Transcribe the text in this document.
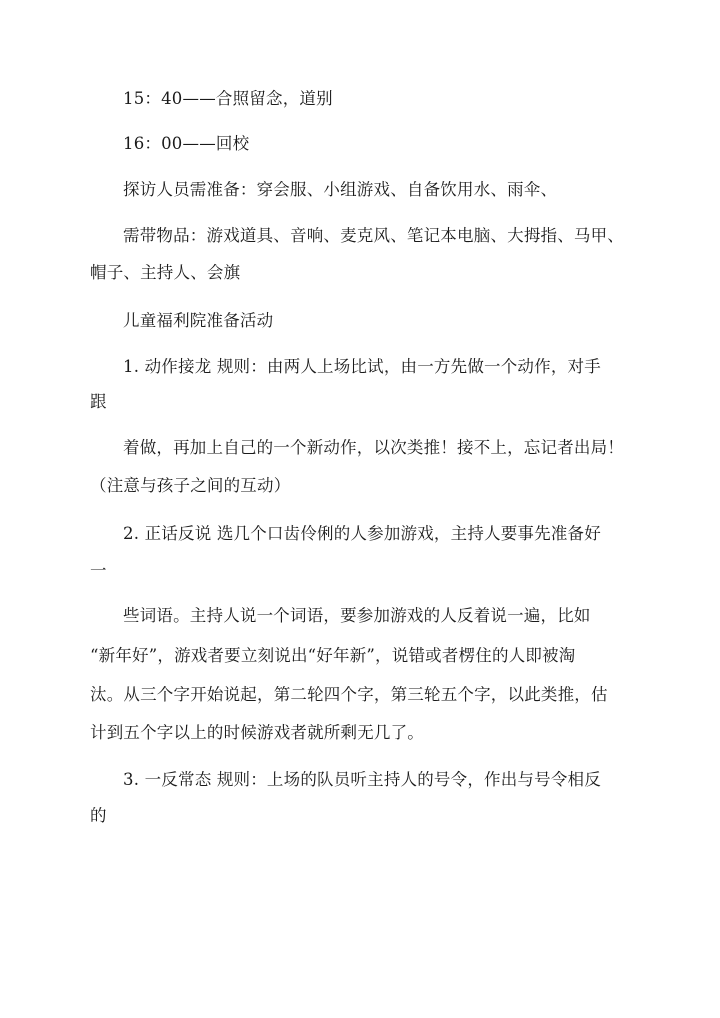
15：40——合照留念，道别
16：00——回校
探访人员需准备：穿会服、小组游戏、自备饮用水、雨伞、
需带物品：游戏道具、音响、麦克风、笔记本电脑、大拇指、马甲、
帽子、主持人、会旗
儿童福利院准备活动
1. 动作接龙 规则：由两人上场比试，由一方先做一个动作，对手
跟
着做，再加上自己的一个新动作，以次类推！接不上，忘记者出局！
（注意与孩子之间的互动）
2. 正话反说 选几个口齿伶俐的人参加游戏，主持人要事先准备好
一
些词语。主持人说一个词语，要参加游戏的人反着说一遍，比如
“新年好”，游戏者要立刻说出“好年新”，说错或者楞住的人即被淘
汰。从三个字开始说起，第二轮四个字，第三轮五个字，以此类推，估
计到五个字以上的时候游戏者就所剩无几了。
3. 一反常态 规则：上场的队员听主持人的号令，作出与号令相反
的
